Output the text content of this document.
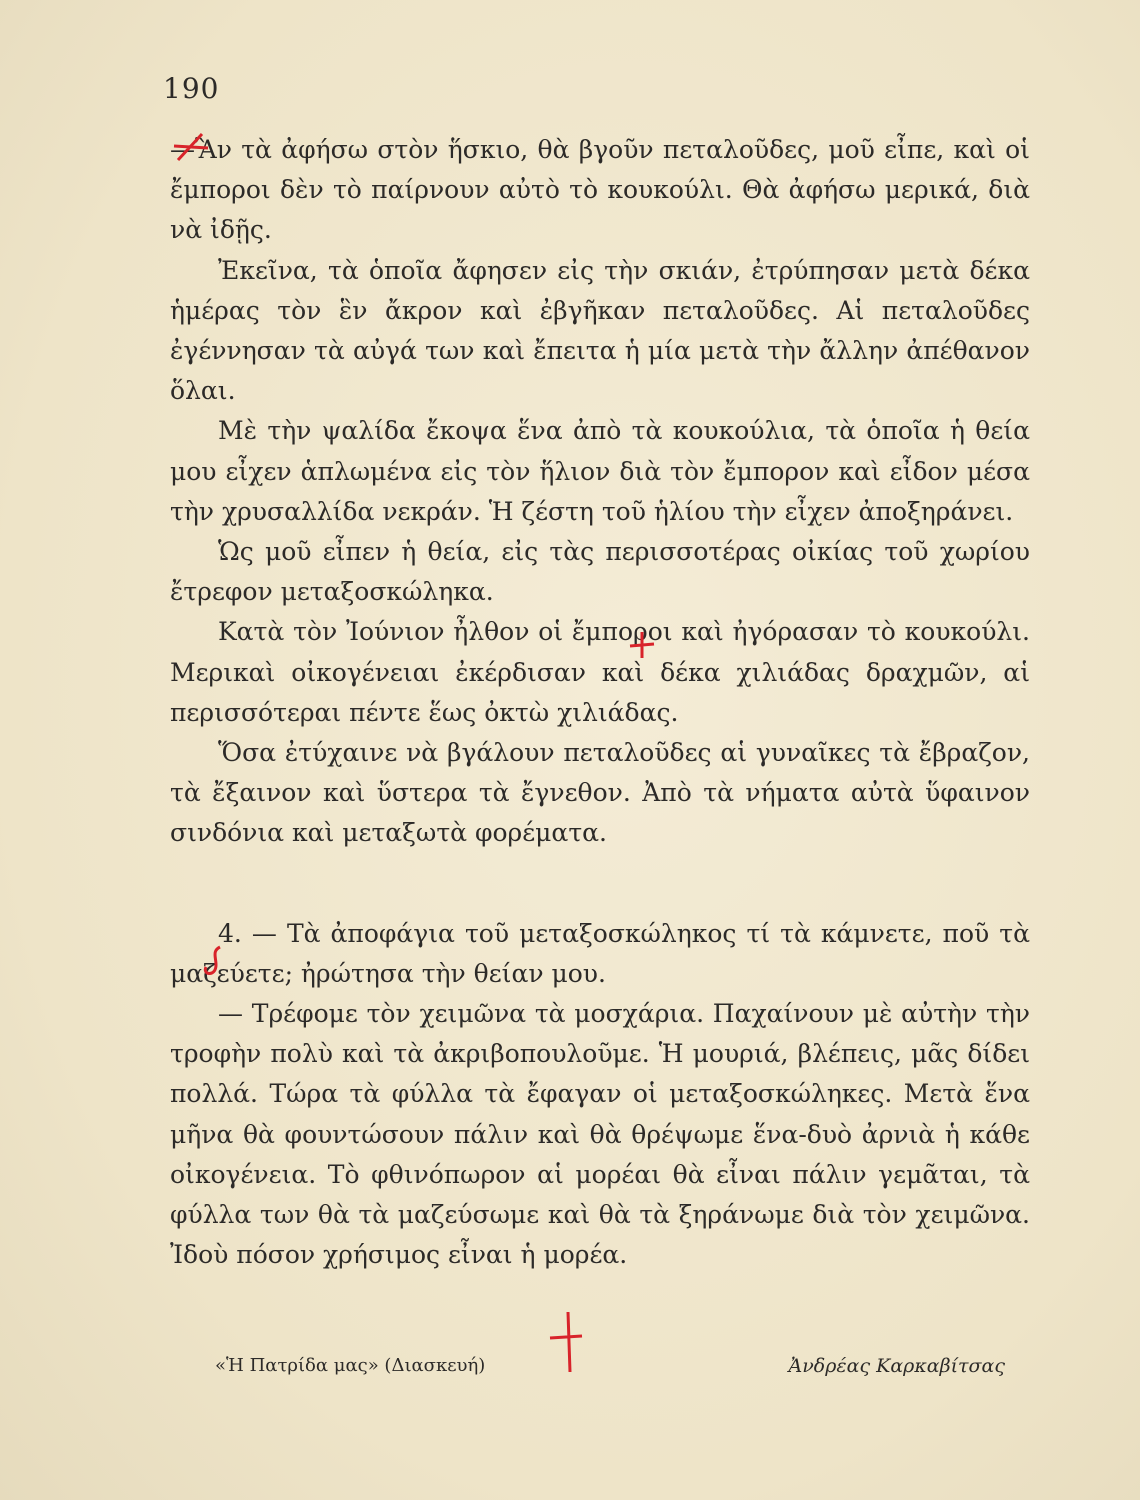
190

—Ἂν τὰ ἀφήσω στὸν ἥσκιο, θὰ βγοῦν πεταλοῦδες, μοῦ εἶπε, καὶ οἱ ἔμποροι δὲν τὸ παίρνουν αὐτὸ τὸ κουκούλι. Θὰ ἀφήσω μερικά, διὰ νὰ ἰδῇς.

Ἐκεῖνα, τὰ ὁποῖα ἄφησεν εἰς τὴν σκιάν, ἐτρύπησαν μετὰ δέκα ἡμέρας τὸν ἓν ἄκρον καὶ ἐβγῆκαν πεταλοῦδες. Αἱ πεταλοῦδες ἐγέννησαν τὰ αὐγά των καὶ ἔπειτα ἡ μία μετὰ τὴν ἄλλην ἀπέθανον ὅλαι.

Μὲ τὴν ψαλίδα ἔκοψα ἕνα ἀπὸ τὰ κουκούλια, τὰ ὁποῖα ἡ θεία μου εἶχεν ἁπλωμένα εἰς τὸν ἥλιον διὰ τὸν ἔμπορον καὶ εἶδον μέσα τὴν χρυσαλλίδα νεκράν. Ἡ ζέστη τοῦ ἡλίου τὴν εἶχεν ἀποξηράνει.

Ὡς μοῦ εἶπεν ἡ θεία, εἰς τὰς περισσοτέρας οἰκίας τοῦ χωρίου ἔτρεφον μεταξοσκώληκα.

Κατὰ τὸν Ἰούνιον ἦλθον οἱ ἔμποροι καὶ ἠγόρασαν τὸ κουκούλι. Μερικαὶ οἰκογένειαι ἐκέρδισαν καὶ δέκα χιλιάδας δραχμῶν, αἱ περισσότεραι πέντε ἕως ὀκτὼ χιλιάδας.

Ὅσα ἐτύχαινε νὰ βγάλουν πεταλοῦδες αἱ γυναῖκες τὰ ἔβραζον, τὰ ἔξαινον καὶ ὕστερα τὰ ἔγνεθον. Ἀπὸ τὰ νήματα αὐτὰ ὕφαινον σινδόνια καὶ μεταξωτὰ φορέματα.

4. — Τὰ ἀποφάγια τοῦ μεταξοσκώληκος τί τὰ κάμνετε, ποῦ τὰ μαζεύετε; ἠρώτησα τὴν θείαν μου.

— Τρέφομε τὸν χειμῶνα τὰ μοσχάρια. Παχαίνουν μὲ αὐτὴν τὴν τροφὴν πολὺ καὶ τὰ ἀκριβοπουλοῦμε. Ἡ μουριά, βλέπεις, μᾶς δίδει πολλά. Τώρα τὰ φύλλα τὰ ἔφαγαν οἱ μεταξοσκώληκες. Μετὰ ἕνα μῆνα θὰ φουντώσουν πάλιν καὶ θὰ θρέψωμε ἕνα-δυὸ ἀρνιὰ ἡ κάθε οἰκογένεια. Τὸ φθινόπωρον αἱ μορέαι θὰ εἶναι πάλιν γεμᾶται, τὰ φύλλα των θὰ τὰ μαζεύσωμε καὶ θὰ τὰ ξηράνωμε διὰ τὸν χειμῶνα. Ἰδοὺ πόσον χρήσιμος εἶναι ἡ μορέα.

«Ἡ Πατρίδα μας» (Διασκευή)	Ἀνδρέας Καρκαβίτσας
